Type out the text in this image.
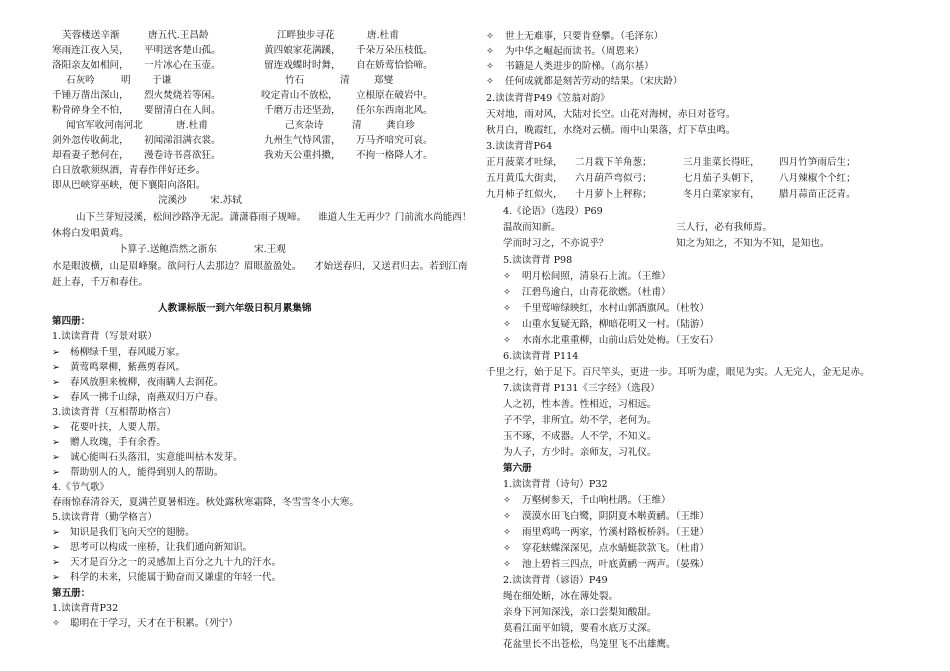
芙蓉楼送辛渐	唐五代.王昌龄	江畔独步寻花	唐.杜甫
寒雨连江夜入吴， 平明送客楚山孤。	黄四娘家花满蹊， 千朵万朵压枝低。
洛阳亲友如相问， 一片冰心在玉壶。	留连戏蝶时时舞， 自在娇莺恰恰啼。
石灰吟	明 于谦	竹石	清	郑燮
千锤万凿出深山， 烈火焚烧若等闲。	咬定青山不放松， 立根原在破岩中。
粉骨碎身全不怕， 要留清白在人间。	千磨万击还坚劲， 任尔东西南北风。
闻官军收河南河北	唐.杜甫	己亥杂诗	清	龚自珍
剑外忽传收蓟北， 初闻涕泪满衣裳。	九州生气恃风雷， 万马齐喑究可哀。
却看妻子愁何在， 漫卷诗书喜欲狂。	我劝天公重抖擞， 不拘一格降人才。
白日放歌须纵酒，青春作伴好还乡。
即从巴峡穿巫峡，便下襄阳向洛阳。
浣溪沙 宋.苏轼
山下兰芽短浸溪，松间沙路净无泥。潇潇暮雨子规啼。 谁道人生无再少？门前流水尚能西！
休将白发唱黄鸡。
卜算子.送鲍浩然之浙东	宋.王观
水是眼波横，山是眉峰聚。欲问行人去那边？眉眼盈盈处。 才始送春归，又送君归去。若到江南
赶上春，千万和春住。
人教课标版一到六年级日积月累集锦
第四册：
1.读读背背（写景对联）
➢ 杨柳绿千里，春风暖万家。
➢ 黄莺鸣翠柳，紫燕剪春风。
➢ 春风放胆来梳柳，夜雨瞒人去润花。
➢ 春风一拂千山绿，南燕双归万户春。
3.读读背背（互相帮助格言）
➢ 花要叶扶，人要人帮。
➢ 赠人玫瑰，手有余香。
➢ 诚心能叫石头落泪，实意能叫枯木发芽。
➢ 帮助别人的人，能得到别人的帮助。
4.《节气歌》
春雨惊春清谷天，夏满芒夏暑相连。秋处露秋寒霜降，冬雪雪冬小大寒。
5.读读背背（勤学格言）
➢ 知识是我们飞向天空的翅膀。
➢ 思考可以构成一座桥，让我们通向新知识。
➢ 天才是百分之一的灵感加上百分之九十九的汗水。
➢ 科学的未来，只能属于勤奋而又谦虚的年轻一代。
第五册：
1.读读背背P32
✧ 聪明在于学习，天才在于积累。（列宁）
✧ 世上无难事，只要肯登攀。（毛泽东）
✧ 为中华之崛起而读书。（周恩来）
✧ 书籍是人类进步的阶梯。（高尔基）
✧ 任何成就都是刻苦劳动的结果。（宋庆龄）
2.读读背背P49《笠翁对韵》
天对地，雨对风，大陆对长空。山花对海树，赤日对苍穹。
秋月白，晚霞红，水绕对云横。雨中山果落，灯下草虫鸣。
3.读读背背P64
正月菠菜才吐绿， 二月栽下羊角葱；	三月韭菜长得旺， 四月竹笋雨后生；
五月黄瓜大街卖， 六月葫芦弯似弓；	七月茄子头朝下， 八月辣椒个个红；
九月柿子红似火， 十月萝卜上秤称；	冬月白菜家家有， 腊月蒜苗正泛青。
4.《论语》（选段）P69
温故而知新。	三人行，必有我师焉。
学而时习之，不亦说乎？	知之为知之，不知为不知，是知也。
5.读读背背 P98
✧ 明月松间照，清泉石上流。（王维）
✧ 江碧鸟逾白，山青花欲燃。（杜甫）
✧ 千里莺啼绿映红，水村山郭酒旗风。（杜牧）
✧ 山重水复疑无路，柳暗花明又一村。（陆游）
✧ 水南水北重重柳，山前山后处处梅。（王安石）
6.读读背背 P114
千里之行，始于足下。百尺竿头，更进一步。耳听为虚，眼见为实。人无完人，金无足赤。
7.读读背背 P131《三字经》（选段）
人之初，性本善。性相近，习相远。
子不学，非所宜。幼不学，老何为。
玉不琢，不成器。人不学，不知义。
为人子，方少时。亲师友，习礼仪。
第六册
1.读读背背（诗句）P32
✧ 万壑树参天，千山响杜鹃。（王维）
✧ 漠漠水田飞白鹭，阴阴夏木啭黄鹂。（王维）
✧ 雨里鸡鸣一两家，竹溪村路板桥斜。（王建）
✧ 穿花蛱蝶深深见，点水蜻蜓款款飞。（杜甫）
✧ 池上碧苔三四点，叶底黄鹂一两声。（晏殊）
2.读读背背（谚语）P49
绳在细处断，冰在薄处裂。
亲身下河知深浅，亲口尝梨知酸甜。
莫看江面平如镜，要看水底万丈深。
花盆里长不出苍松，鸟笼里飞不出雄鹰。
